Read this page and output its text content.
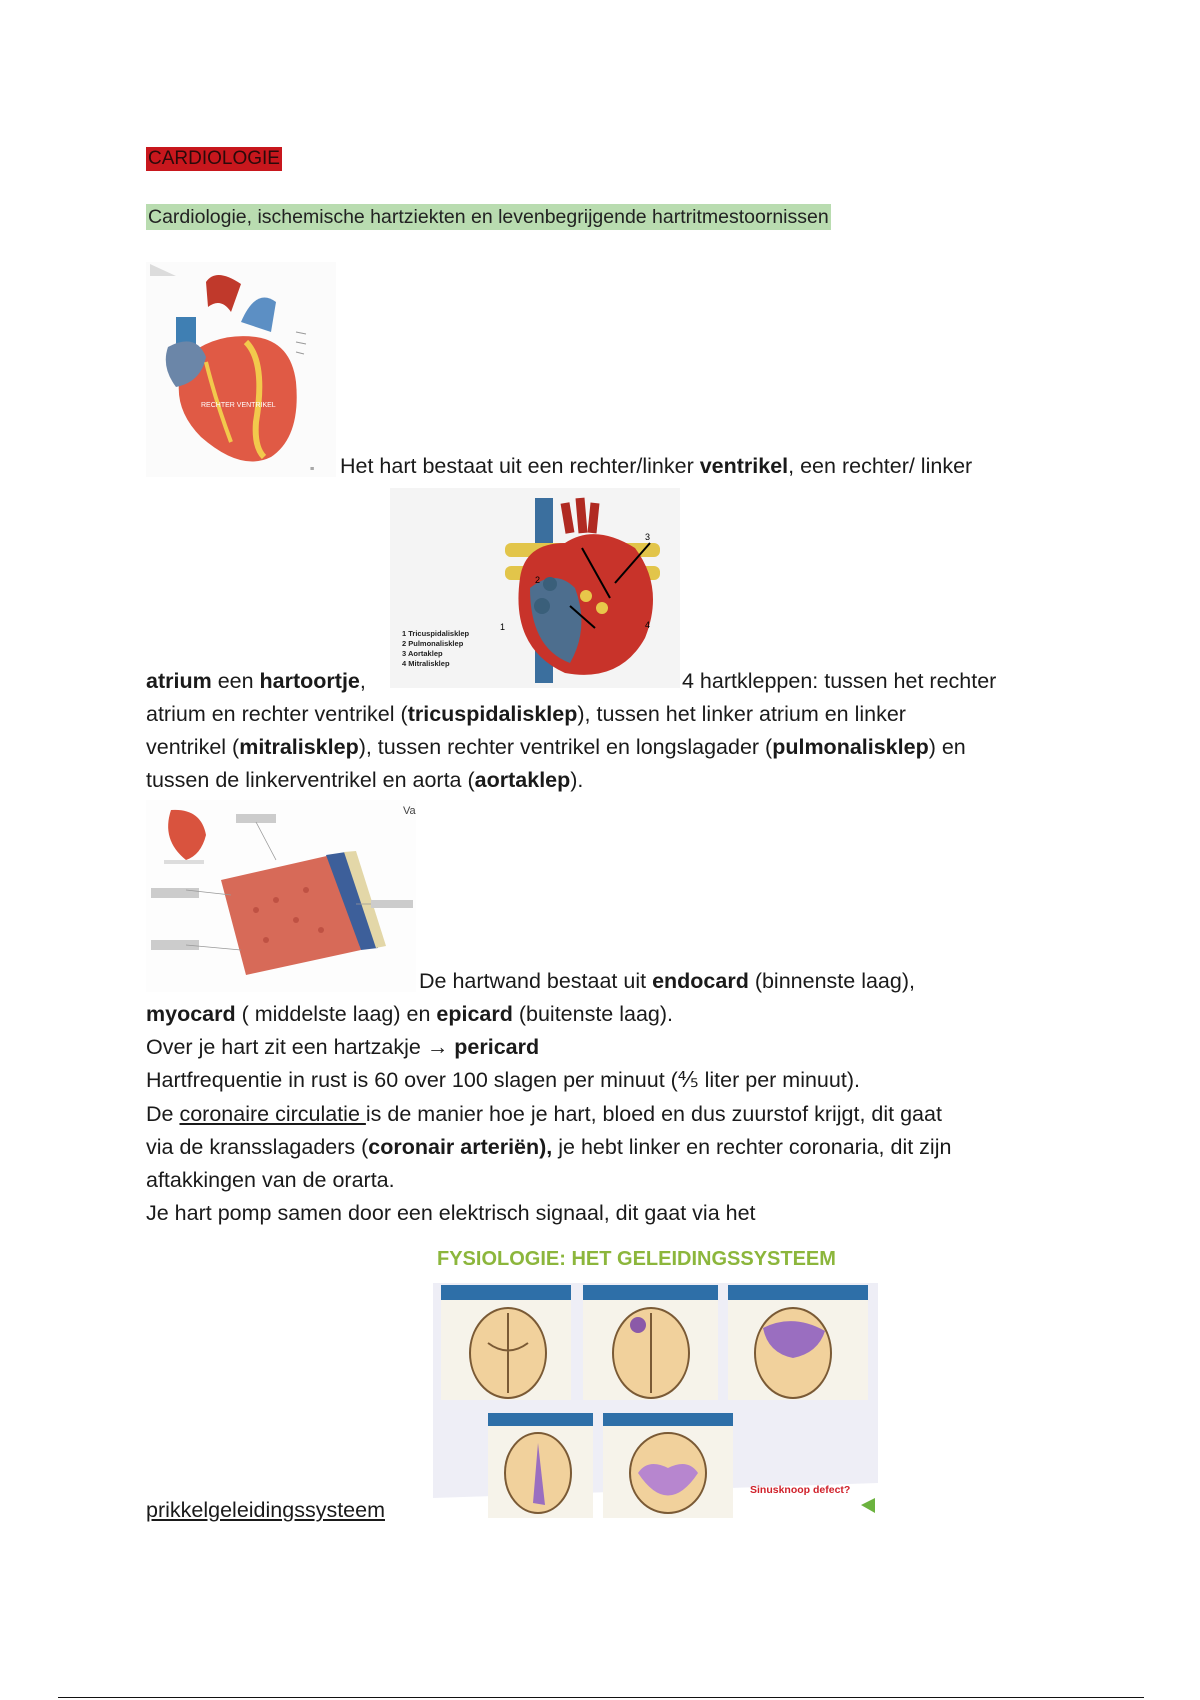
CARDIOLOGIE
Cardiologie, ischemische hartziekten en levenbegrijgende hartritmestoornissen
RECHTER VENTRIKEL
Het hart bestaat uit een rechter/linker ventrikel, een rechter/ linker
3
2
1	4
1 Tricuspidalisklep
2 Pulmonalisklep
3 Aortaklep
4 Mitralisklep
atrium een hartoortje,	4 hartkleppen: tussen het rechter
atrium en rechter ventrikel (tricuspidalisklep), tussen het linker atrium en linker
ventrikel (mitralisklep), tussen rechter ventrikel en longslagader (pulmonalisklep) en
tussen de linkerventrikel en aorta (aortaklep).
Va
De hartwand bestaat uit endocard (binnenste laag),
myocard ( middelste laag) en epicard (buitenste laag).
Over je hart zit een hartzakje → pericard
Hartfrequentie in rust is 60 over 100 slagen per minuut (⅘ liter per minuut).
De coronaire circulatie is de manier hoe je hart, bloed en dus zuurstof krijgt, dit gaat
via de kransslagaders (coronair arteriën), je hebt linker en rechter coronaria, dit zijn
aftakkingen van de orarta.
Je hart pomp samen door een elektrisch signaal, dit gaat via het
FYSIOLOGIE: HET GELEIDINGSSYSTEEM
Sinusknoop defect?
prikkelgeleidingssysteem
